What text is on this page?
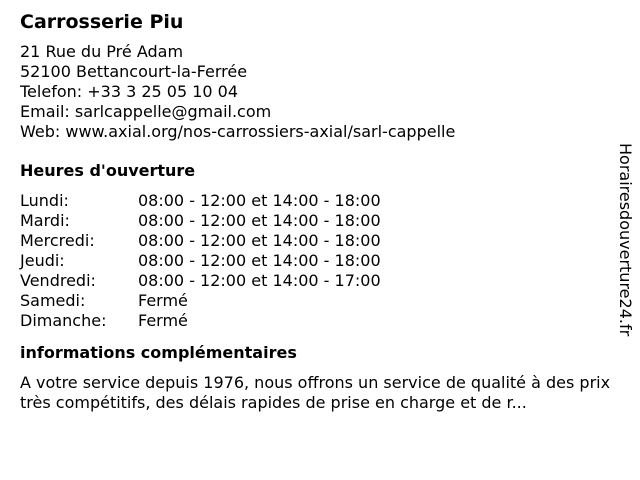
Carrosserie Piu

21 Rue du Pré Adam

52100 Bettancourt-la-Ferrée

Telefon: +33 3 25 05 10 04

Email: sarlcappelle@gmail.com

Web: www.axial.org/nos-carrossiers-axial/sarl-cappelle

Heures d'ouverture
Lundi:	08:00 - 12:00 et 14:00 - 18:00
Mardi:	08:00 - 12:00 et 14:00 - 18:00
Mercredi:	08:00 - 12:00 et 14:00 - 18:00
Jeudi:	08:00 - 12:00 et 14:00 - 18:00
Vendredi:	08:00 - 12:00 et 14:00 - 17:00
Samedi:	Fermé
Dimanche:	Fermé
informations complémentaires

A votre service depuis 1976, nous offrons un service de qualité à des prix très compétitifs, des délais rapides de prise en charge et de r...

Horairesdouverture24.fr
